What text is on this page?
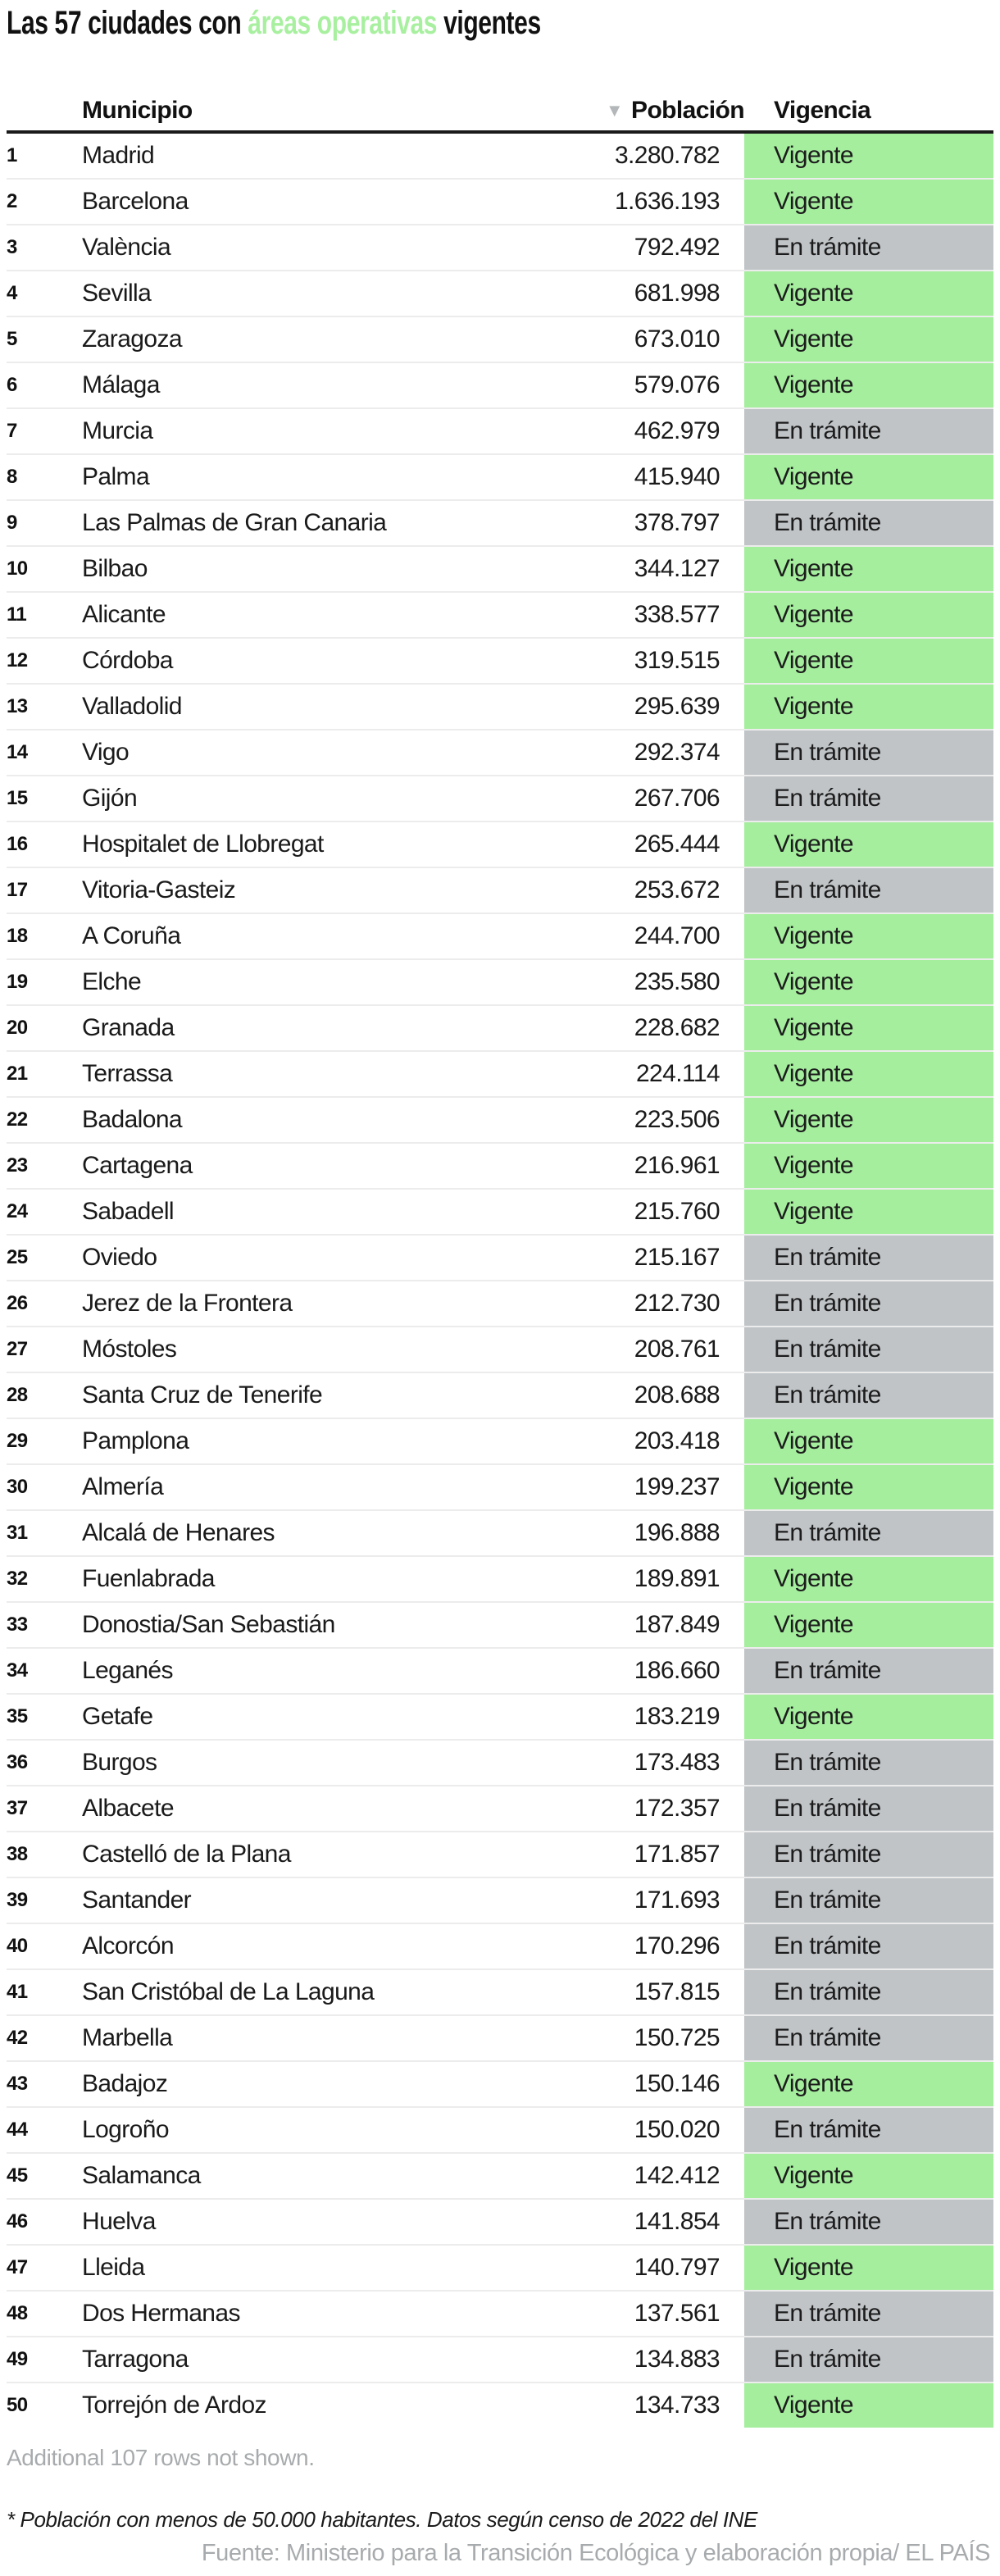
Las 57 ciudades con áreas operativas vigentes
Municipio	▼ Población	Vigencia
1	Madrid	3.280.782	Vigente
2	Barcelona	1.636.193	Vigente
3	València	792.492	En trámite
4	Sevilla	681.998	Vigente
5	Zaragoza	673.010	Vigente
6	Málaga	579.076	Vigente
7	Murcia	462.979	En trámite
8	Palma	415.940	Vigente
9	Las Palmas de Gran Canaria	378.797	En trámite
10	Bilbao	344.127	Vigente
11	Alicante	338.577	Vigente
12	Córdoba	319.515	Vigente
13	Valladolid	295.639	Vigente
14	Vigo	292.374	En trámite
15	Gijón	267.706	En trámite
16	Hospitalet de Llobregat	265.444	Vigente
17	Vitoria-Gasteiz	253.672	En trámite
18	A Coruña	244.700	Vigente
19	Elche	235.580	Vigente
20	Granada	228.682	Vigente
21	Terrassa	224.114	Vigente
22	Badalona	223.506	Vigente
23	Cartagena	216.961	Vigente
24	Sabadell	215.760	Vigente
25	Oviedo	215.167	En trámite
26	Jerez de la Frontera	212.730	En trámite
27	Móstoles	208.761	En trámite
28	Santa Cruz de Tenerife	208.688	En trámite
29	Pamplona	203.418	Vigente
30	Almería	199.237	Vigente
31	Alcalá de Henares	196.888	En trámite
32	Fuenlabrada	189.891	Vigente
33	Donostia/San Sebastián	187.849	Vigente
34	Leganés	186.660	En trámite
35	Getafe	183.219	Vigente
36	Burgos	173.483	En trámite
37	Albacete	172.357	En trámite
38	Castelló de la Plana	171.857	En trámite
39	Santander	171.693	En trámite
40	Alcorcón	170.296	En trámite
41	San Cristóbal de La Laguna	157.815	En trámite
42	Marbella	150.725	En trámite
43	Badajoz	150.146	Vigente
44	Logroño	150.020	En trámite
45	Salamanca	142.412	Vigente
46	Huelva	141.854	En trámite
47	Lleida	140.797	Vigente
48	Dos Hermanas	137.561	En trámite
49	Tarragona	134.883	En trámite
50	Torrejón de Ardoz	134.733	Vigente
Additional 107 rows not shown.
* Población con menos de 50.000 habitantes. Datos según censo de 2022 del INE
Fuente: Ministerio para la Transición Ecológica y elaboración propia/ EL PAÍS
